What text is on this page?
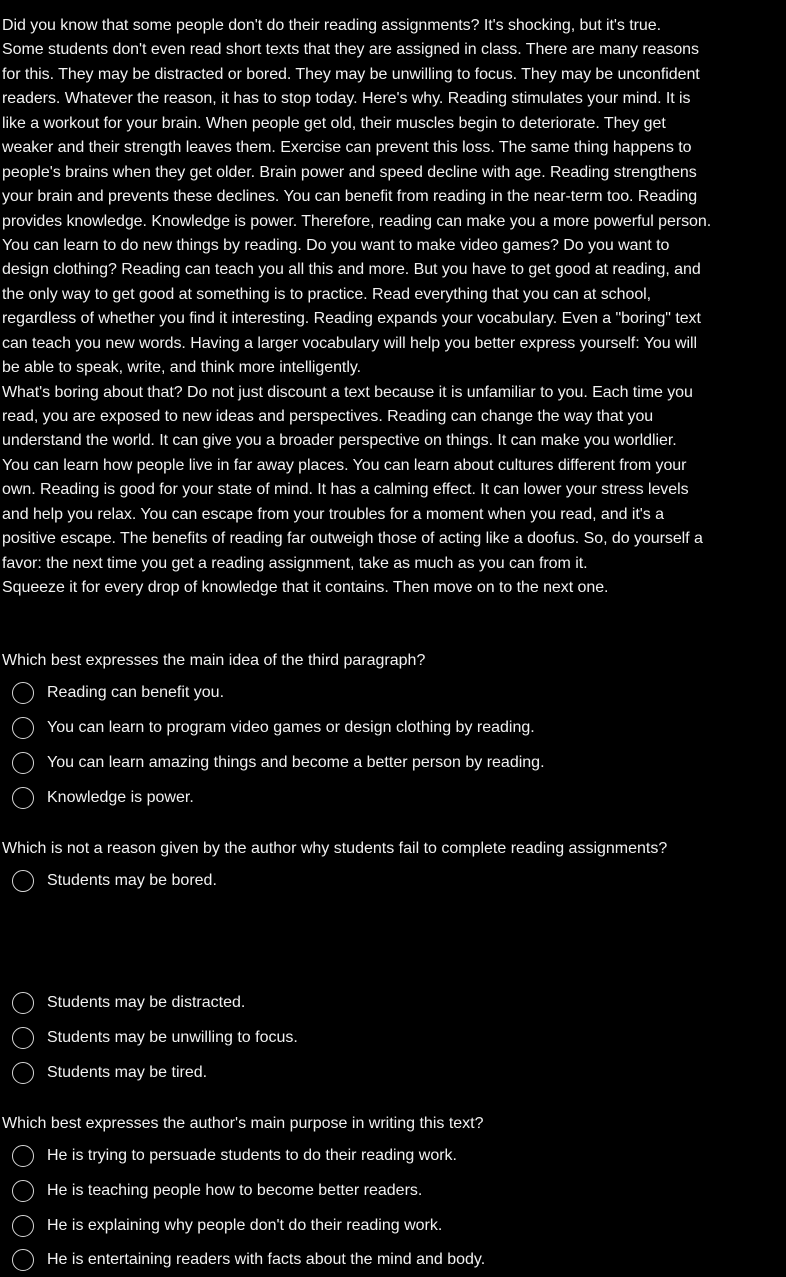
Did you know that some people don't do their reading assignments? It's shocking, but it's true.
Some students don't even read short texts that they are assigned in class. There are many reasons
for this. They may be distracted or bored. They may be unwilling to focus. They may be unconfident
readers. Whatever the reason, it has to stop today. Here's why. Reading stimulates your mind. It is
like a workout for your brain. When people get old, their muscles begin to deteriorate. They get
weaker and their strength leaves them. Exercise can prevent this loss. The same thing happens to
people's brains when they get older. Brain power and speed decline with age. Reading strengthens
your brain and prevents these declines. You can benefit from reading in the near-term too. Reading
provides knowledge. Knowledge is power. Therefore, reading can make you a more powerful person.
You can learn to do new things by reading. Do you want to make video games? Do you want to
design clothing? Reading can teach you all this and more. But you have to get good at reading, and
the only way to get good at something is to practice. Read everything that you can at school,
regardless of whether you find it interesting. Reading expands your vocabulary. Even a "boring" text
can teach you new words. Having a larger vocabulary will help you better express yourself: You will
be able to speak, write, and think more intelligently.
What's boring about that? Do not just discount a text because it is unfamiliar to you. Each time you
read, you are exposed to new ideas and perspectives. Reading can change the way that you
understand the world. It can give you a broader perspective on things. It can make you worldlier.
You can learn how people live in far away places. You can learn about cultures different from your
own. Reading is good for your state of mind. It has a calming effect. It can lower your stress levels
and help you relax. You can escape from your troubles for a moment when you read, and it's a
positive escape. The benefits of reading far outweigh those of acting like a doofus. So, do yourself a
favor: the next time you get a reading assignment, take as much as you can from it.
Squeeze it for every drop of knowledge that it contains. Then move on to the next one.
Which best expresses the main idea of the third paragraph?
Reading can benefit you.
You can learn to program video games or design clothing by reading.
You can learn amazing things and become a better person by reading.
Knowledge is power.
Which is not a reason given by the author why students fail to complete reading assignments?
Students may be bored.
Students may be distracted.
Students may be unwilling to focus.
Students may be tired.
Which best expresses the author's main purpose in writing this text?
He is trying to persuade students to do their reading work.
He is teaching people how to become better readers.
He is explaining why people don't do their reading work.
He is entertaining readers with facts about the mind and body.
